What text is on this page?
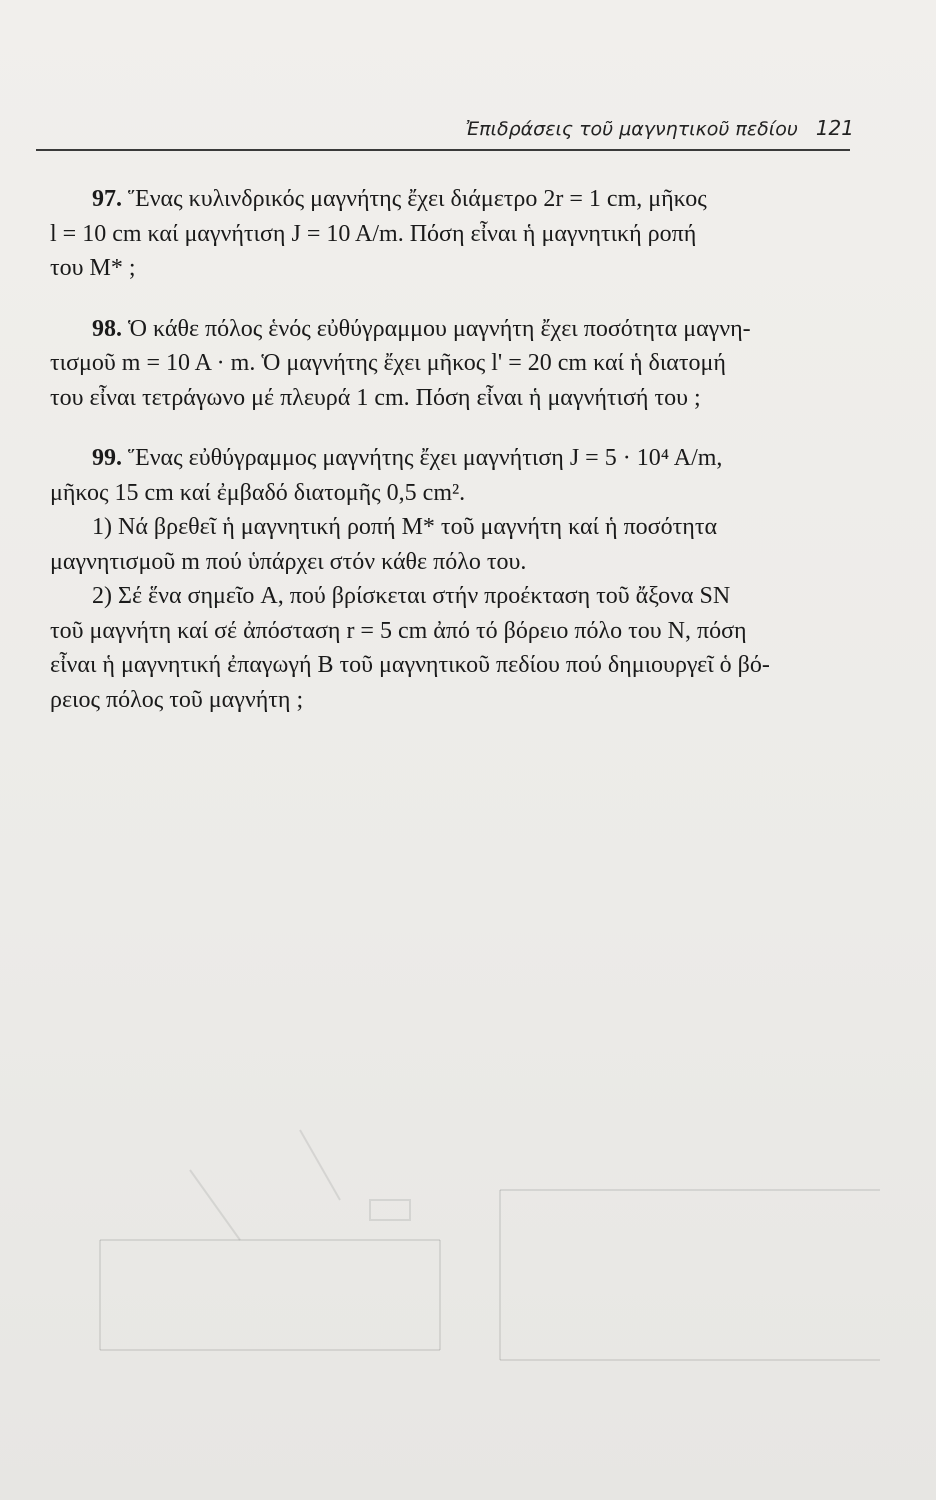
Ἐπιδράσεις τοῦ μαγνητικοῦ πεδίου 121

97. Ἕνας κυλινδρικός μαγνήτης ἔχει διάμετρο 2r = 1 cm, μῆκος

l = 10 cm καί μαγνήτιση J = 10 A/m. Πόση εἶναι ἡ μαγνητική ροπή

του M* ;

98. Ὁ κάθε πόλος ἑνός εὐθύγραμμου μαγνήτη ἔχει ποσότητα μαγνη-

τισμοῦ m = 10 A · m. Ὁ μαγνήτης ἔχει μῆκος l' = 20 cm καί ἡ διατομή

του εἶναι τετράγωνο μέ πλευρά 1 cm. Πόση εἶναι ἡ μαγνήτισή του ;

99. Ἕνας εὐθύγραμμος μαγνήτης ἔχει μαγνήτιση J = 5 · 10⁴ A/m,

μῆκος 15 cm καί ἐμβαδό διατομῆς 0,5 cm².

1) Νά βρεθεῖ ἡ μαγνητική ροπή M* τοῦ μαγνήτη καί ἡ ποσότητα

μαγνητισμοῦ m πού ὑπάρχει στόν κάθε πόλο του.

2) Σέ ἕνα σημεῖο A, πού βρίσκεται στήν προέκταση τοῦ ἄξονα SN

τοῦ μαγνήτη καί σέ ἀπόσταση r = 5 cm ἀπό τό βόρειο πόλο του N, πόση

εἶναι ἡ μαγνητική ἐπαγωγή B τοῦ μαγνητικοῦ πεδίου πού δημιουργεῖ ὁ βό-

ρειος πόλος τοῦ μαγνήτη ;
